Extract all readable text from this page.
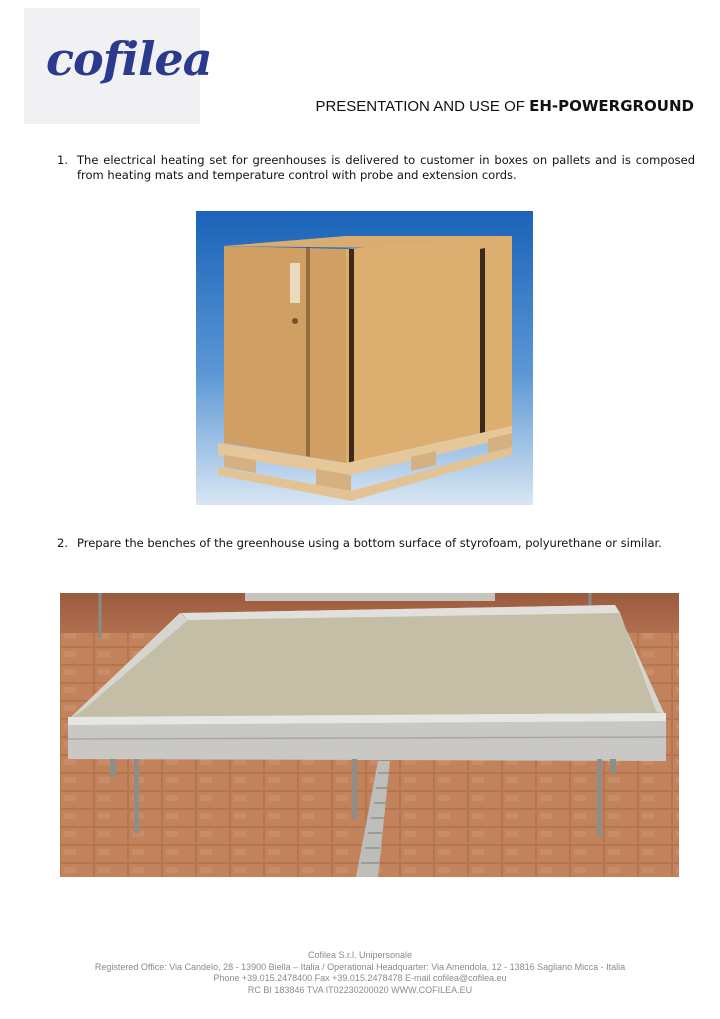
cofilea
PRESENTATION AND USE OF EH-POWERGROUND
1. The electrical heating set for greenhouses is delivered to customer in boxes on pallets and is composed from heating mats and temperature control with probe and extension cords.
2. Prepare the benches of the greenhouse using a bottom surface of styrofoam, polyurethane or similar.
Cofilea S.r.l. Unipersonale
Registered Office: Via Candelo, 28 - 13900 Biella – Italia / Operational Headquarter: Via Amendola, 12 - 13816 Sagliano Micca - Italia
Phone +39.015.2478400 Fax +39.015.2478478 E-mail cofilea@cofilea.eu
RC BI 183846 TVA IT02230200020 WWW.COFILEA.EU
